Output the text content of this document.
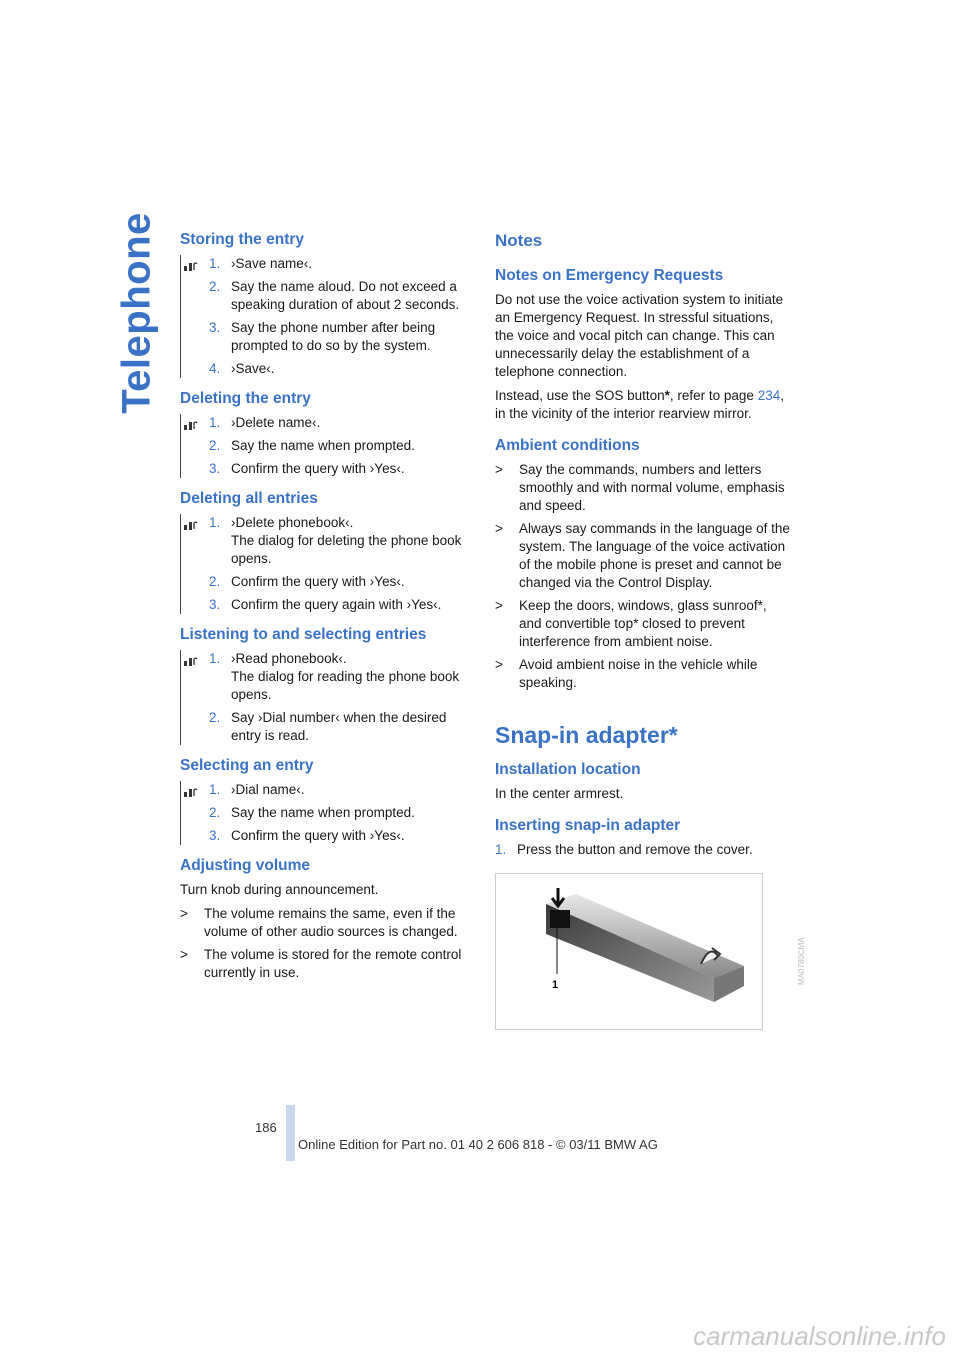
Telephone Storing the entry
1. ›Save name‹.
2. Say the name aloud. Do not exceed a speaking duration of about 2 seconds.
3. Say the phone number after being prompted to do so by the system.
4. ›Save‹.
Deleting the entry
1. ›Delete name‹.
2. Say the name when prompted.
3. Confirm the query with ›Yes‹.
Deleting all entries
1. ›Delete phonebook‹.
The dialog for deleting the phone book opens.
2. Confirm the query with ›Yes‹.
3. Confirm the query again with ›Yes‹.
Listening to and selecting entries
1. ›Read phonebook‹.
The dialog for reading the phone book opens.
2. Say ›Dial number‹ when the desired entry is read.
Selecting an entry
1. ›Dial name‹.
2. Say the name when prompted.
3. Confirm the query with ›Yes‹.
Adjusting volume

Turn knob during announcement.

> The volume remains the same, even if the volume of other audio sources is changed.
> The volume is stored for the remote control currently in use.
Notes
Notes on Emergency Requests

Do not use the voice activation system to initiate an Emergency Request. In stressful situations, the voice and vocal pitch can change. This can unnecessarily delay the establishment of a telephone connection.

Instead, use the SOS button*, refer to page 234, in the vicinity of the interior rearview mirror.

Ambient conditions
> Say the commands, numbers and letters smoothly and with normal volume, emphasis and speed.
> Always say commands in the language of the system. The language of the voice activation of the mobile phone is preset and cannot be changed via the Control Display.
> Keep the doors, windows, glass sunroof*, and convertible top* closed to prevent interference from ambient noise.
> Avoid ambient noise in the vehicle while speaking.
Snap-in adapter*
Installation location

In the center armrest.

Inserting snap-in adapter
1. Press the button and remove the cover.
1	MA0780CMA
186
Online Edition for Part no. 01 40 2 606 818 - © 03/11 BMW AG
carmanualsonline.info
